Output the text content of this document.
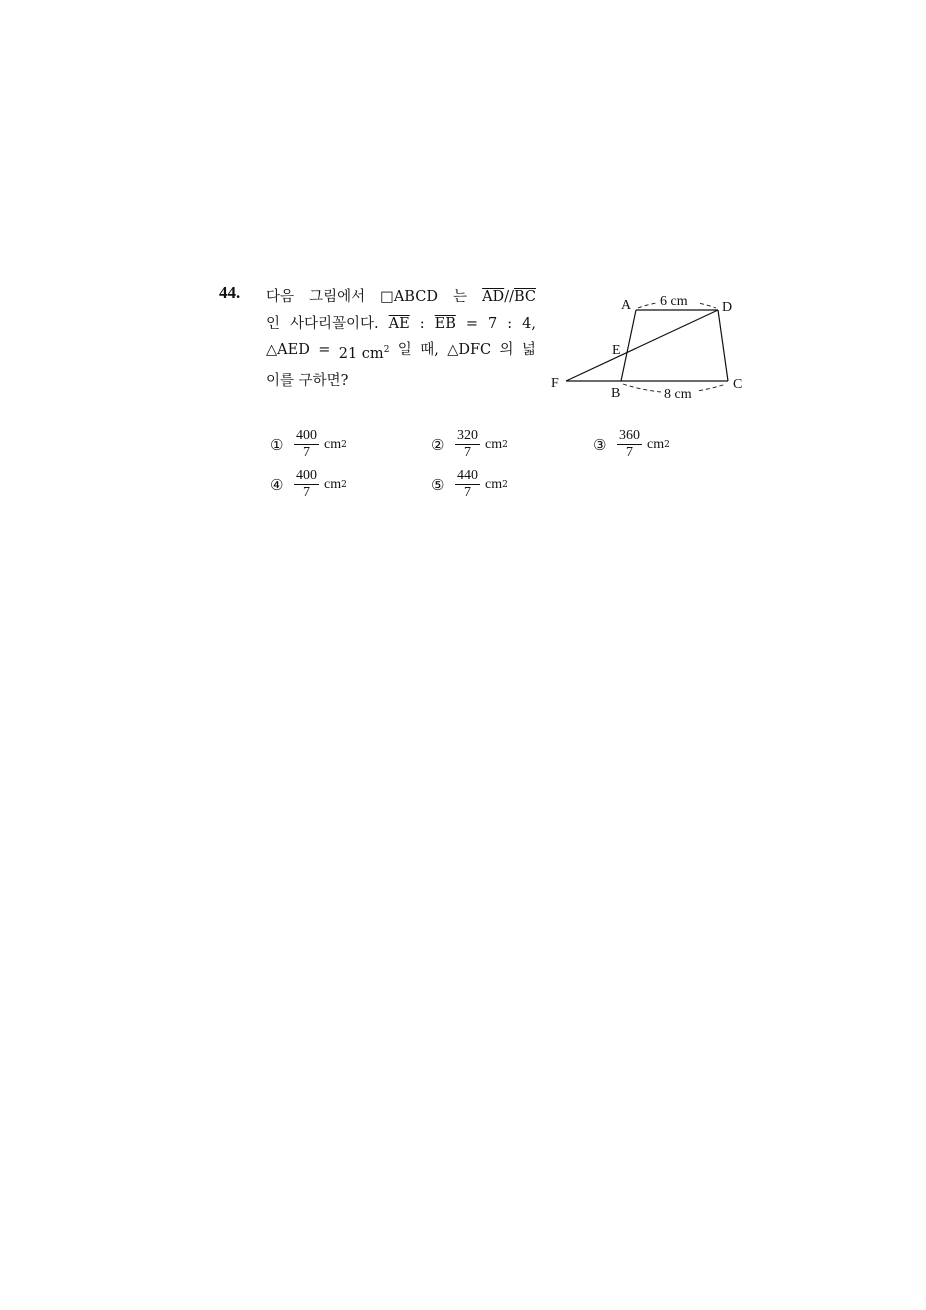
44. 다음 그림에서 □ABCD 는 $\overline{AD}//\overline{BC}$
인 사다리꼴이다. $\overline{AE}$ : $\overline{EB} = 7$ : 4,
△AED = 21 $cm^2$ 일 때, △DFC 의 넓
이를 구하면?
6 cm
8 cm
A	D
E
F
B
C
① $\frac{400}{7}$ cm 2	② $\frac{320}{7}$ cm 2	③ $\frac{360}{7}$ cm 2
④ $\frac{400}{7}$ cm 2	⑤ $\frac{440}{7}$ cm 2
